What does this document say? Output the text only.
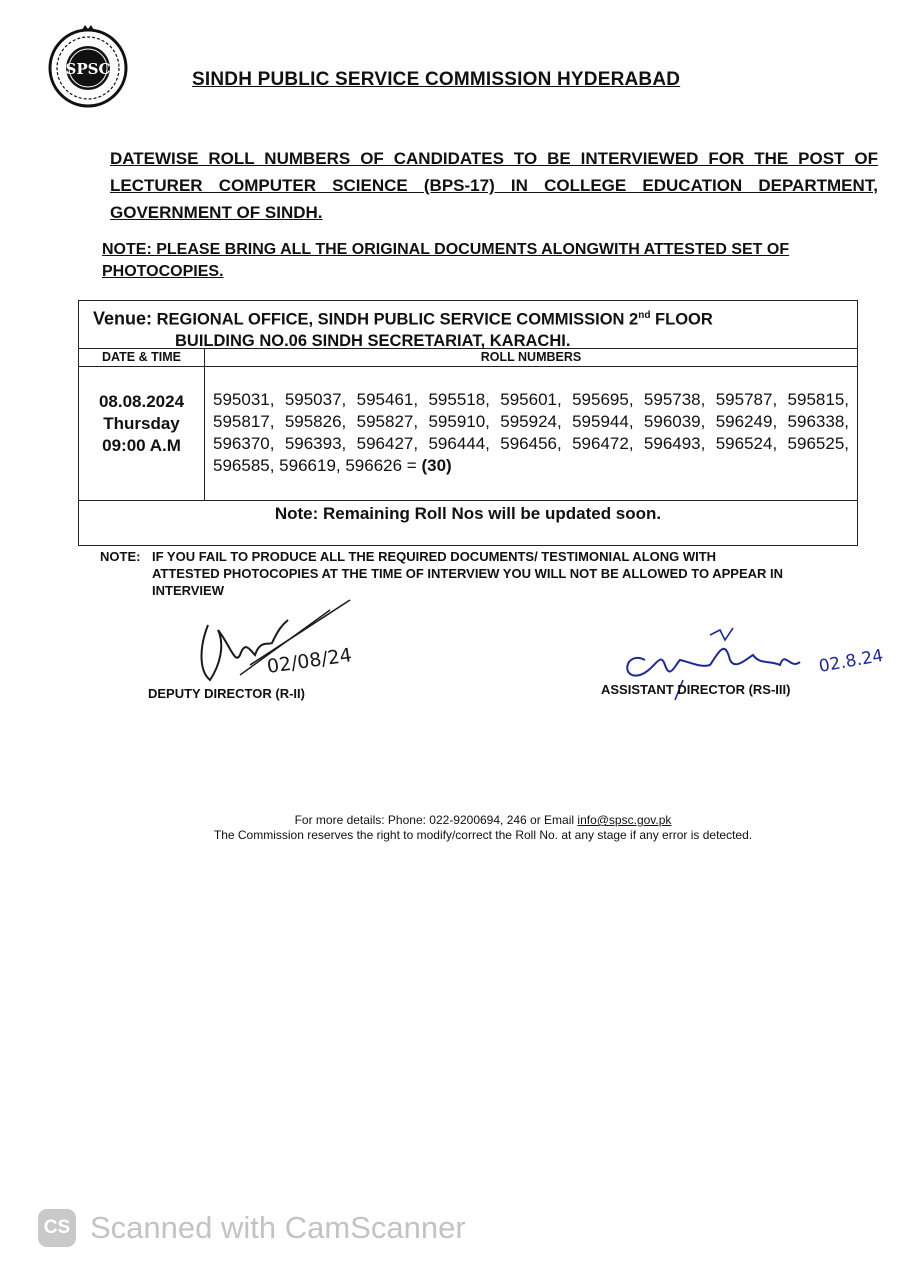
SPSC	SINDH PUBLIC SERVICE COMMISSION HYDERABAD
DATEWISE ROLL NUMBERS OF CANDIDATES TO BE INTERVIEWED FOR THE POST OF LECTURER COMPUTER SCIENCE (BPS-17) IN COLLEGE EDUCATION DEPARTMENT, GOVERNMENT OF SINDH.
NOTE: PLEASE BRING ALL THE ORIGINAL DOCUMENTS ALONGWITH ATTESTED SET OF PHOTOCOPIES.
Venue: REGIONAL OFFICE, SINDH PUBLIC SERVICE COMMISSION 2nd FLOOR
BUILDING NO.06 SINDH SECRETARIAT, KARACHI.
DATE & TIME	ROLL NUMBERS
08.08.2024
Thursday
09:00 A.M
595031, 595037, 595461, 595518, 595601, 595695, 595738, 595787, 595815, 595817, 595826, 595827, 595910, 595924, 595944, 596039, 596249, 596338, 596370, 596393, 596427, 596444, 596456, 596472, 596493, 596524, 596525, 596585, 596619, 596626 = (30)
Note: Remaining Roll Nos will be updated soon.
NOTE: IF YOU FAIL TO PRODUCE ALL THE REQUIRED DOCUMENTS/ TESTIMONIAL ALONG WITH
ATTESTED PHOTOCOPIES AT THE TIME OF INTERVIEW YOU WILL NOT BE ALLOWED TO APPEAR IN
INTERVIEW
02/08/24
DEPUTY DIRECTOR (R-II)
02.8.24
ASSISTANT DIRECTOR (RS-III)
For more details: Phone: 022-9200694, 246 or Email info@spsc.gov.pk
The Commission reserves the right to modify/correct the Roll No. at any stage if any error is detected.
CS Scanned with CamScanner
